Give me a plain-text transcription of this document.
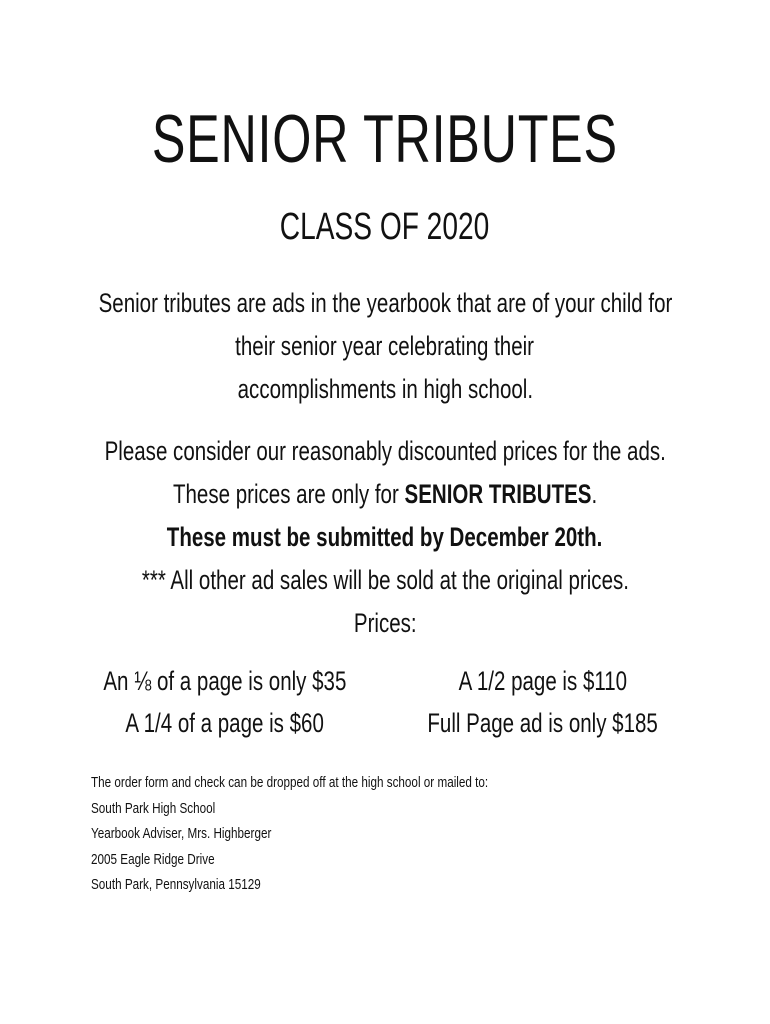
SENIOR TRIBUTES
CLASS OF 2020
Senior tributes are ads in the yearbook that are of your child for
their senior year celebrating their
accomplishments in high school.
Please consider our reasonably discounted prices for the ads.
These prices are only for SENIOR TRIBUTES.
These must be submitted by December 20th.
*** All other ad sales will be sold at the original prices.
Prices:
An ⅛ of a page is only $35
A 1/4 of a page is $60
A 1/2 page is $110
Full Page ad is only $185
The order form and check can be dropped off at the high school or mailed to:
South Park High School
Yearbook Adviser, Mrs. Highberger
2005 Eagle Ridge Drive
South Park, Pennsylvania 15129
